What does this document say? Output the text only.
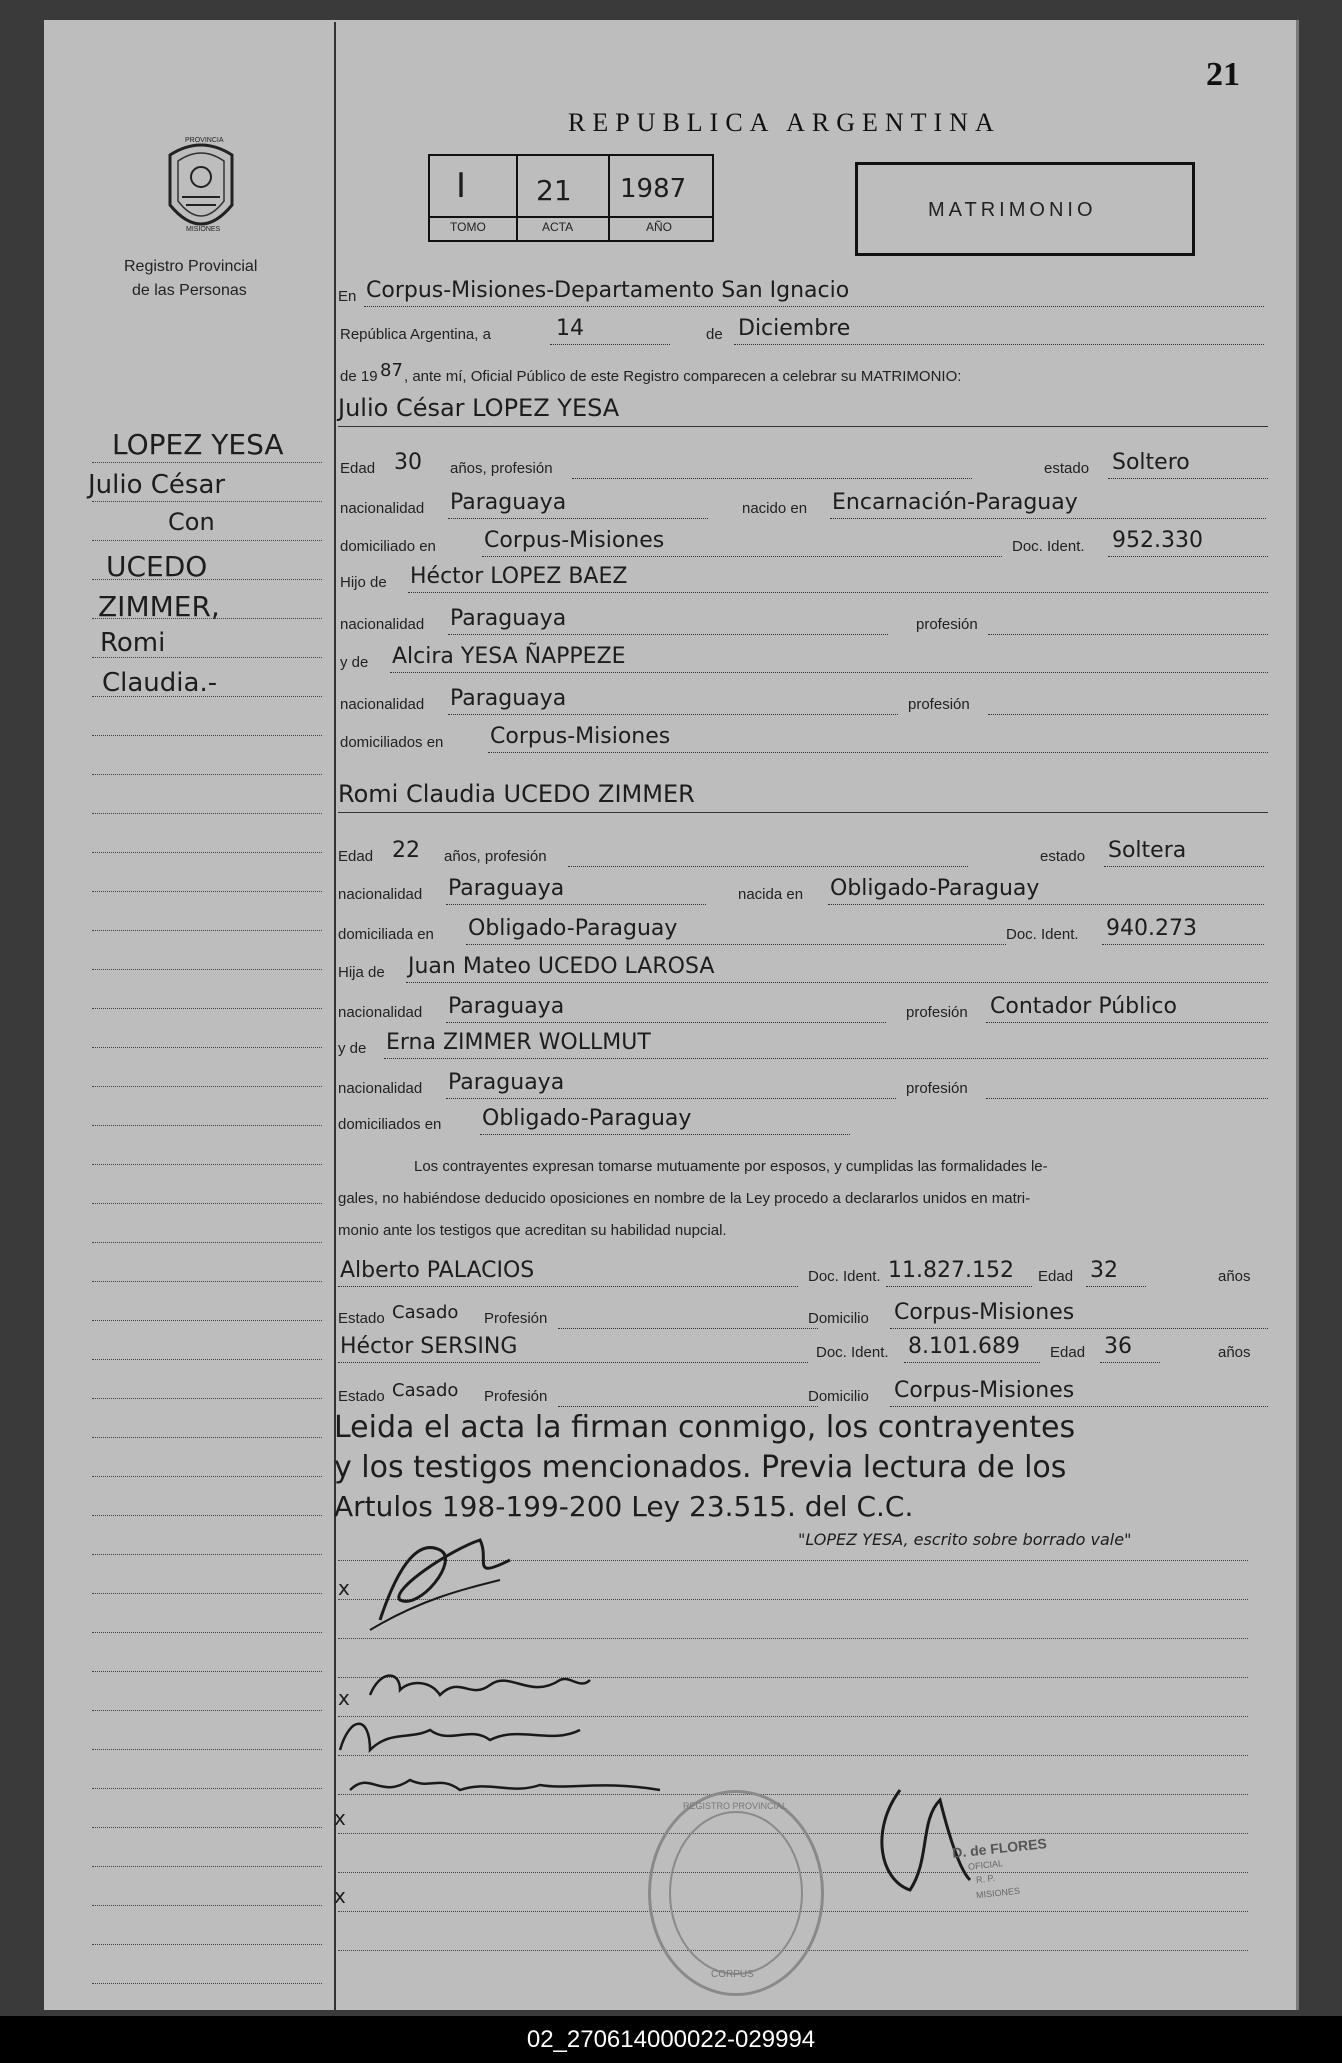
21
PROVINCIA
MISIONES
Registro Provincial
de las Personas
REPUBLICA ARGENTINA
I
TOMO
21
ACTA
1987
AÑO
MATRIMONIO
LOPEZ YESA
Julio César
Con
UCEDO
ZIMMER,
Romi
Claudia.-
En Corpus-Misiones-Departamento San Ignacio
República Argentina, a	14	de Diciembre
de 19 87 , ante mí, Oficial Público de este Registro comparecen a celebrar su MATRIMONIO:
Julio César LOPEZ YESA
Edad 30 años, profesión	estado Soltero
nacionalidad Paraguaya	nacido en Encarnación-Paraguay
domiciliado en Corpus-Misiones	Doc. Ident. 952.330
Hijo de Héctor LOPEZ BAEZ
nacionalidad Paraguaya	profesión
y de Alcira YESA ÑAPPEZE
nacionalidad Paraguaya	profesión
domiciliados en Corpus-Misiones
Romi Claudia UCEDO ZIMMER
Edad 22 años, profesión	estado Soltera
nacionalidad Paraguaya	nacida en Obligado-Paraguay
domiciliada en Obligado-Paraguay	Doc. Ident. 940.273
Hija de Juan Mateo UCEDO LAROSA
nacionalidad Paraguaya	profesión Contador Público
y de Erna ZIMMER WOLLMUT
nacionalidad Paraguaya	profesión
domiciliados en Obligado-Paraguay
Los contrayentes expresan tomarse mutuamente por esposos, y cumplidas las formalidades le-
gales, no habiéndose deducido oposiciones en nombre de la Ley procedo a declararlos unidos en matri-
monio ante los testigos que acreditan su habilidad nupcial.
Alberto PALACIOS	Doc. Ident. 11.827.152 Edad 32	años
Estado Casado Profesión	Domicilio Corpus-Misiones
Héctor SERSING	Doc. Ident. 8.101.689 Edad 36	años
Estado Casado Profesión	Domicilio Corpus-Misiones
Leida el acta la firman conmigo, los contrayentes
y los testigos mencionados. Previa lectura de los
Artulos 198-199-200 Ley 23.515. del C.C.
"LOPEZ YESA, escrito sobre borrado vale"
x
x
x
x
REGISTRO PROVINCIAL
CORPUS
D. de FLORES
OFICIAL
R. P.
MISIONES
02_270614000022-029994
